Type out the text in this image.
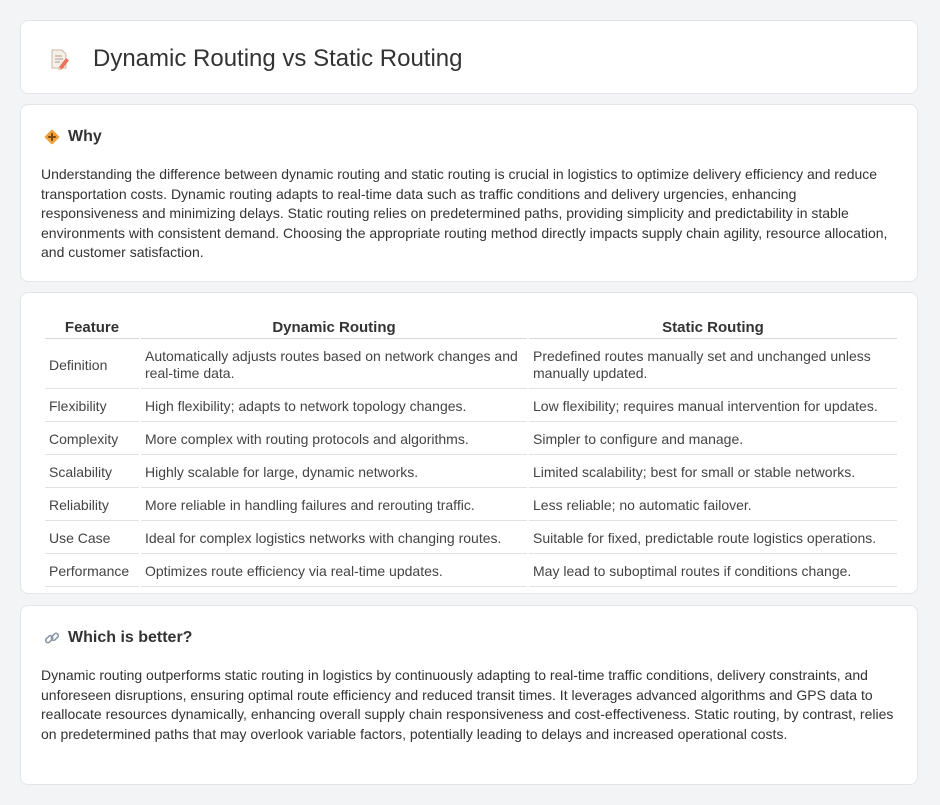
Dynamic Routing vs Static Routing
Why

Understanding the difference between dynamic routing and static routing is crucial in logistics to optimize delivery efficiency and reduce transportation costs. Dynamic routing adapts to real-time data such as traffic conditions and delivery urgencies, enhancing responsiveness and minimizing delays. Static routing relies on predetermined paths, providing simplicity and predictability in stable environments with consistent demand. Choosing the appropriate routing method directly impacts supply chain agility, resource allocation, and customer satisfaction.

Feature	Dynamic Routing	Static Routing
Definition	Automatically adjusts routes based on network changes and real-time data.	Predefined routes manually set and unchanged unless manually updated.
Flexibility	High flexibility; adapts to network topology changes.	Low flexibility; requires manual intervention for updates.
Complexity	More complex with routing protocols and algorithms.	Simpler to configure and manage.
Scalability	Highly scalable for large, dynamic networks.	Limited scalability; best for small or stable networks.
Reliability	More reliable in handling failures and rerouting traffic.	Less reliable; no automatic failover.
Use Case	Ideal for complex logistics networks with changing routes.	Suitable for fixed, predictable route logistics operations.
Performance	Optimizes route efficiency via real-time updates.	May lead to suboptimal routes if conditions change.
Which is better?

Dynamic routing outperforms static routing in logistics by continuously adapting to real-time traffic conditions, delivery constraints, and unforeseen disruptions, ensuring optimal route efficiency and reduced transit times. It leverages advanced algorithms and GPS data to reallocate resources dynamically, enhancing overall supply chain responsiveness and cost-effectiveness. Static routing, by contrast, relies on predetermined paths that may overlook variable factors, potentially leading to delays and increased operational costs.
